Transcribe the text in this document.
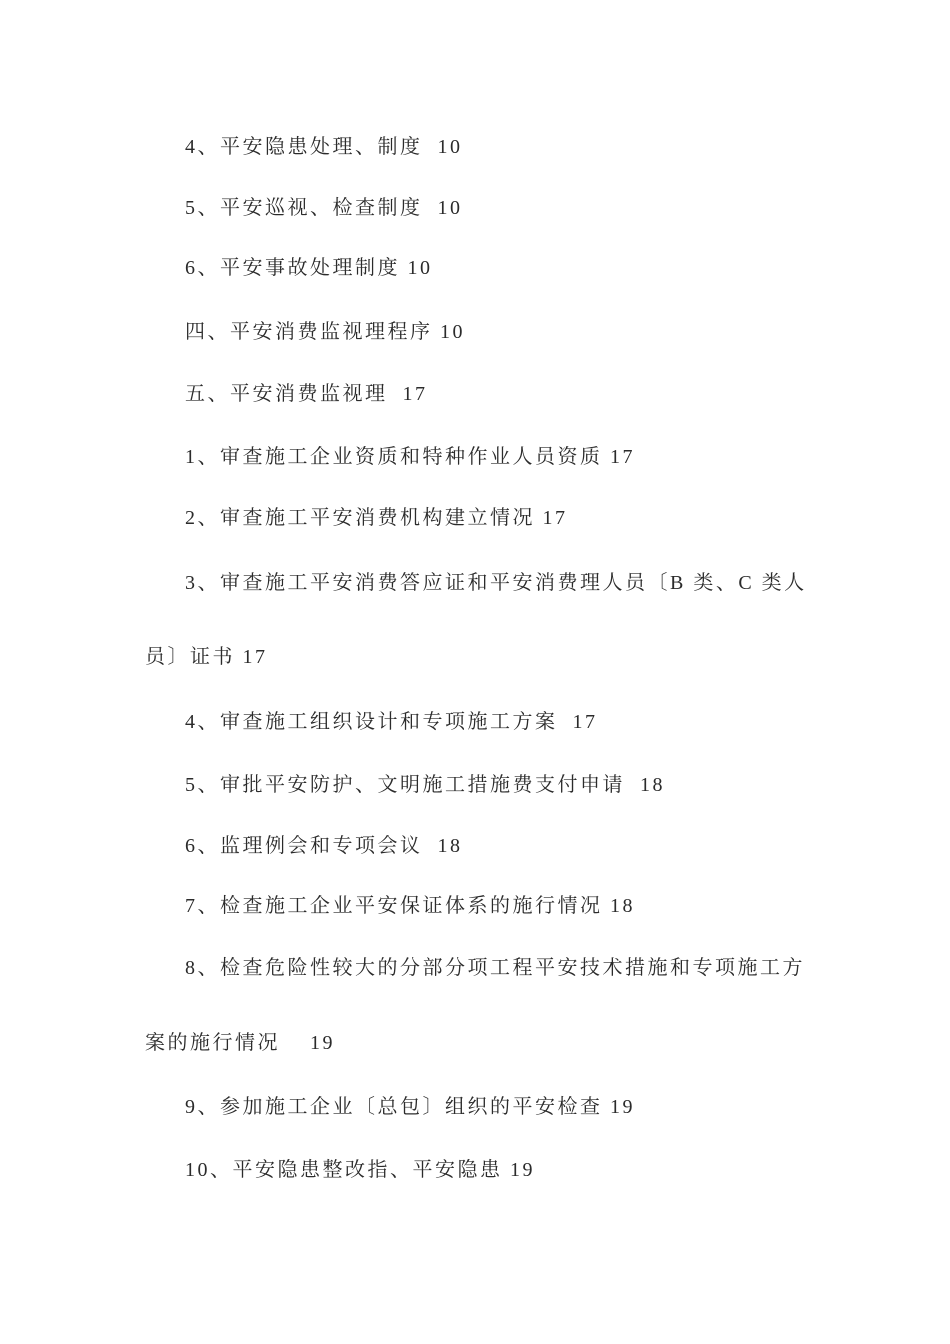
4、平安隐患处理、制度  10
5、平安巡视、检查制度  10
6、平安事故处理制度 10
四、平安消费监视理程序 10
五、平安消费监视理  17
1、审查施工企业资质和特种作业人员资质 17
2、审查施工平安消费机构建立情况 17
3、审查施工平安消费答应证和平安消费理人员〔B 类、C 类人
员〕证书 17
4、审查施工组织设计和专项施工方案  17
5、审批平安防护、文明施工措施费支付申请  18
6、监理例会和专项会议  18
7、检查施工企业平安保证体系的施行情况 18
8、检查危险性较大的分部分项工程平安技术措施和专项施工方
案的施行情况    19
9、参加施工企业〔总包〕组织的平安检查 19
10、平安隐患整改指、平安隐患 19
